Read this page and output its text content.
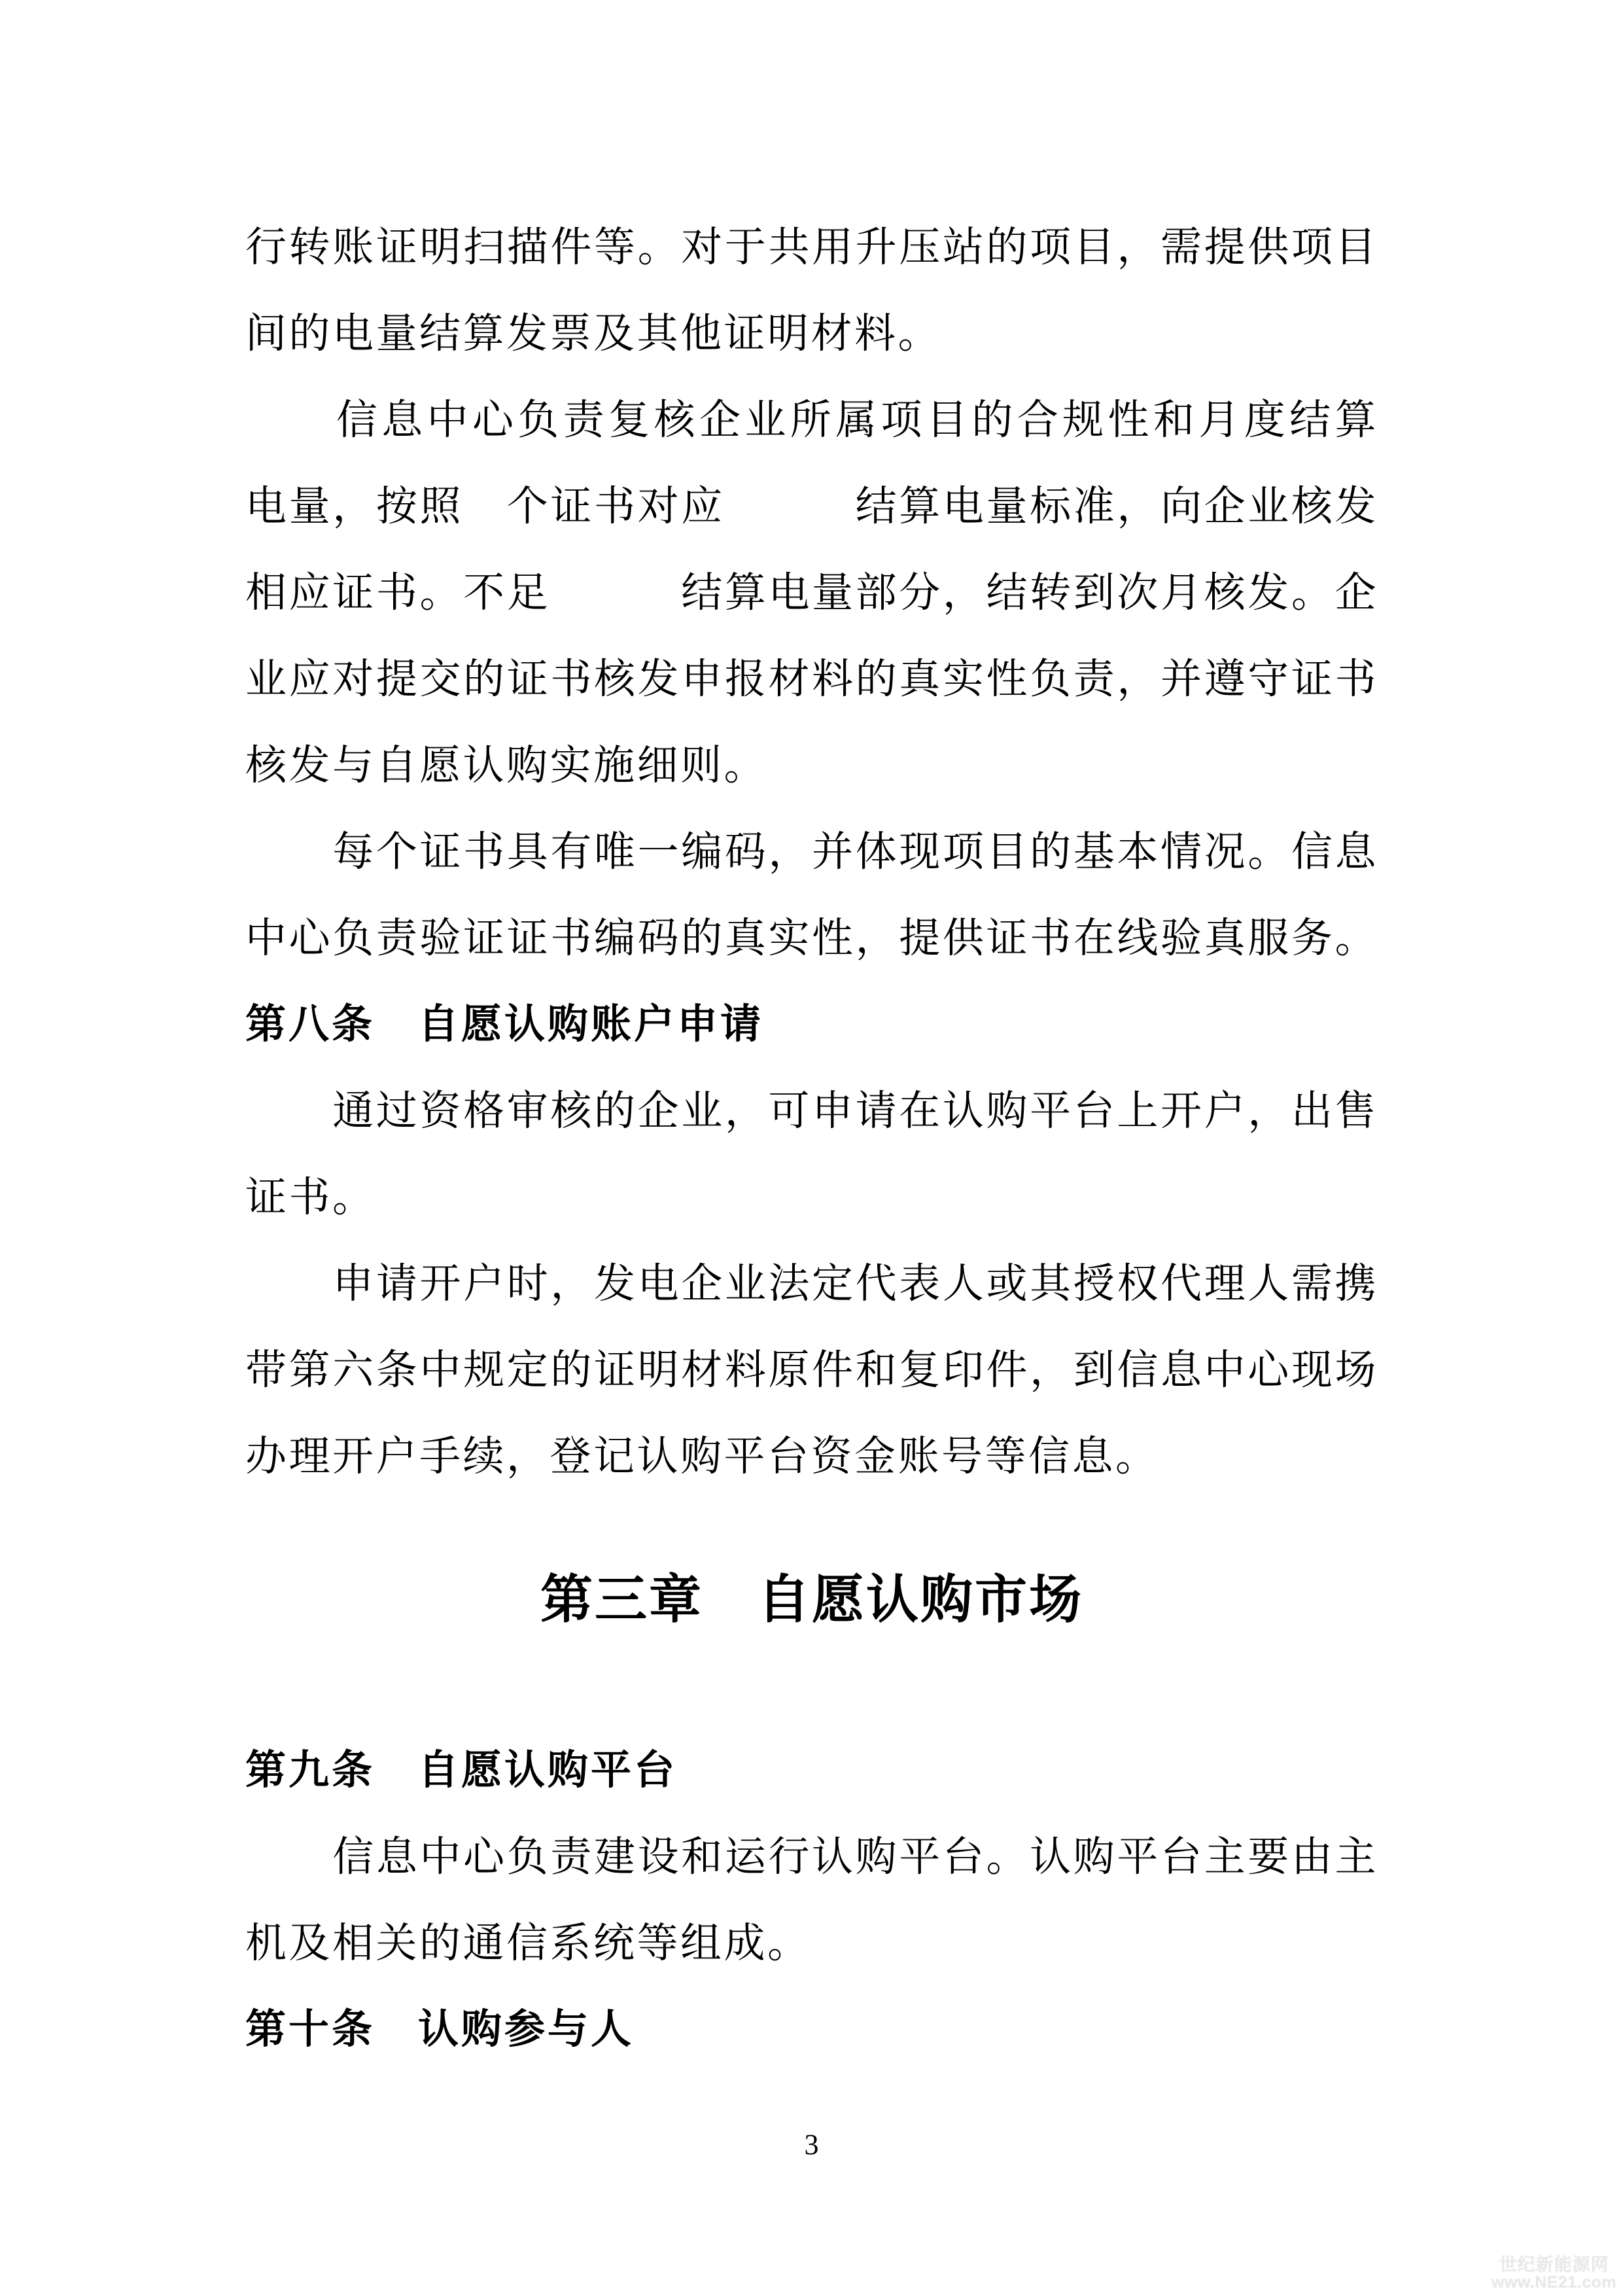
行转账证明扫描件等。对于共用升压站的项目，需提供项目
间的电量结算发票及其他证明材料。
　　信息中心负责复核企业所属项目的合规性和月度结算
电量，按照　个证书对应　　　结算电量标准，向企业核发
相应证书。不足　　　结算电量部分，结转到次月核发。企
业应对提交的证书核发申报材料的真实性负责，并遵守证书
核发与自愿认购实施细则。
　　每个证书具有唯一编码，并体现项目的基本情况。信息
中心负责验证证书编码的真实性，提供证书在线验真服务。
第八条　自愿认购账户申请
　　通过资格审核的企业，可申请在认购平台上开户，出售
证书。
　　申请开户时，发电企业法定代表人或其授权代理人需携
带第六条中规定的证明材料原件和复印件，到信息中心现场
办理开户手续，登记认购平台资金账号等信息。
第三章　自愿认购市场
第九条　自愿认购平台
　　信息中心负责建设和运行认购平台。认购平台主要由主
机及相关的通信系统等组成。
第十条　认购参与人
3
世纪新能源网
www.NE21.com
